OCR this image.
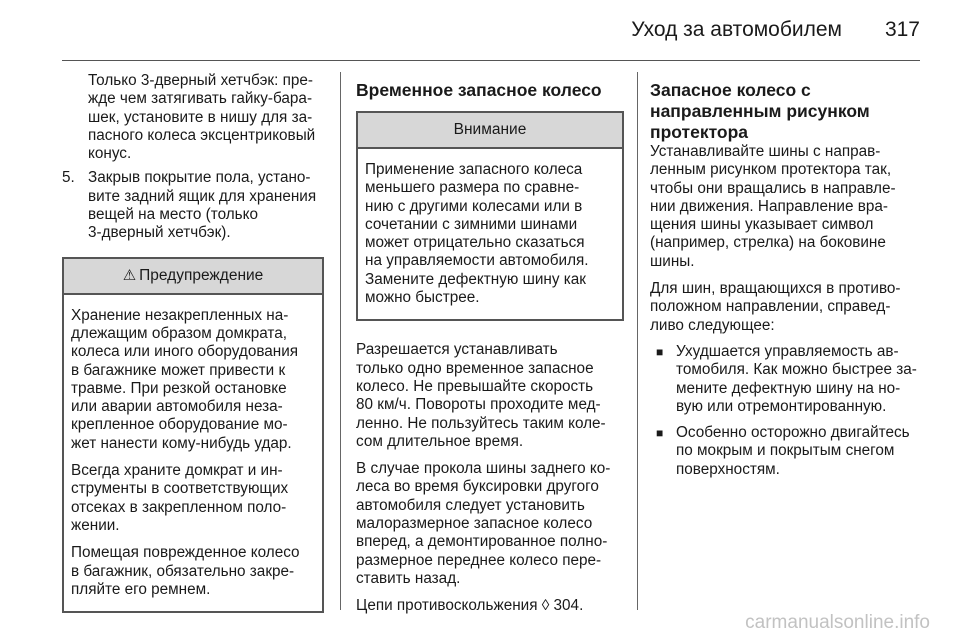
Уход за автомобилем	317

Только 3-дверный хетчбэк: пре-
жде чем затягивать гайку-бара-
шек, установите в нишу для за-
пасного колеса эксцентриковый
конус.

5. Закрыв покрытие пола, устано-
вите задний ящик для хранения
вещей на место (только
3-дверный хетчбэк).
⚠ Предупреждение

Хранение незакрепленных на-
длежащим образом домкрата,
колеса или иного оборудования
в багажнике может привести к
травме. При резкой остановке
или аварии автомобиля неза-
крепленное оборудование мо-
жет нанести кому-нибудь удар.

Всегда храните домкрат и ин-
струменты в соответствующих
отсеках в закрепленном поло-
жении.

Помещая поврежденное колесо
в багажник, обязательно закре-
пляйте его ремнем.

Временное запасное колесо
Внимание

Применение запасного колеса
меньшего размера по сравне-
нию с другими колесами или в
сочетании с зимними шинами
может отрицательно сказаться
на управляемости автомобиля.
Замените дефектную шину как
можно быстрее.

Разрешается устанавливать
только одно временное запасное
колесо. Не превышайте скорость
80 км/ч. Повороты проходите мед-
ленно. Не пользуйтесь таким коле-
сом длительное время.

В случае прокола шины заднего ко-
леса во время буксировки другого
автомобиля следует установить
малоразмерное запасное колесо
вперед, а демонтированное полно-
размерное переднее колесо пере-
ставить назад.

Цепи противоскольжения ◊ 304.

Запасное колесо с
направленным рисунком
протектора

Устанавливайте шины с направ-
ленным рисунком протектора так,
чтобы они вращались в направле-
нии движения. Направление вра-
щения шины указывает символ
(например, стрелка) на боковине
шины.

Для шин, вращающихся в противо-
положном направлении, справед-
ливо следующее:

■ Ухудшается управляемость ав-
томобиля. Как можно быстрее за-
мените дефектную шину на но-
вую или отремонтированную.
■ Особенно осторожно двигайтесь
по мокрым и покрытым снегом
поверхностям.
carmanualsonline.info
